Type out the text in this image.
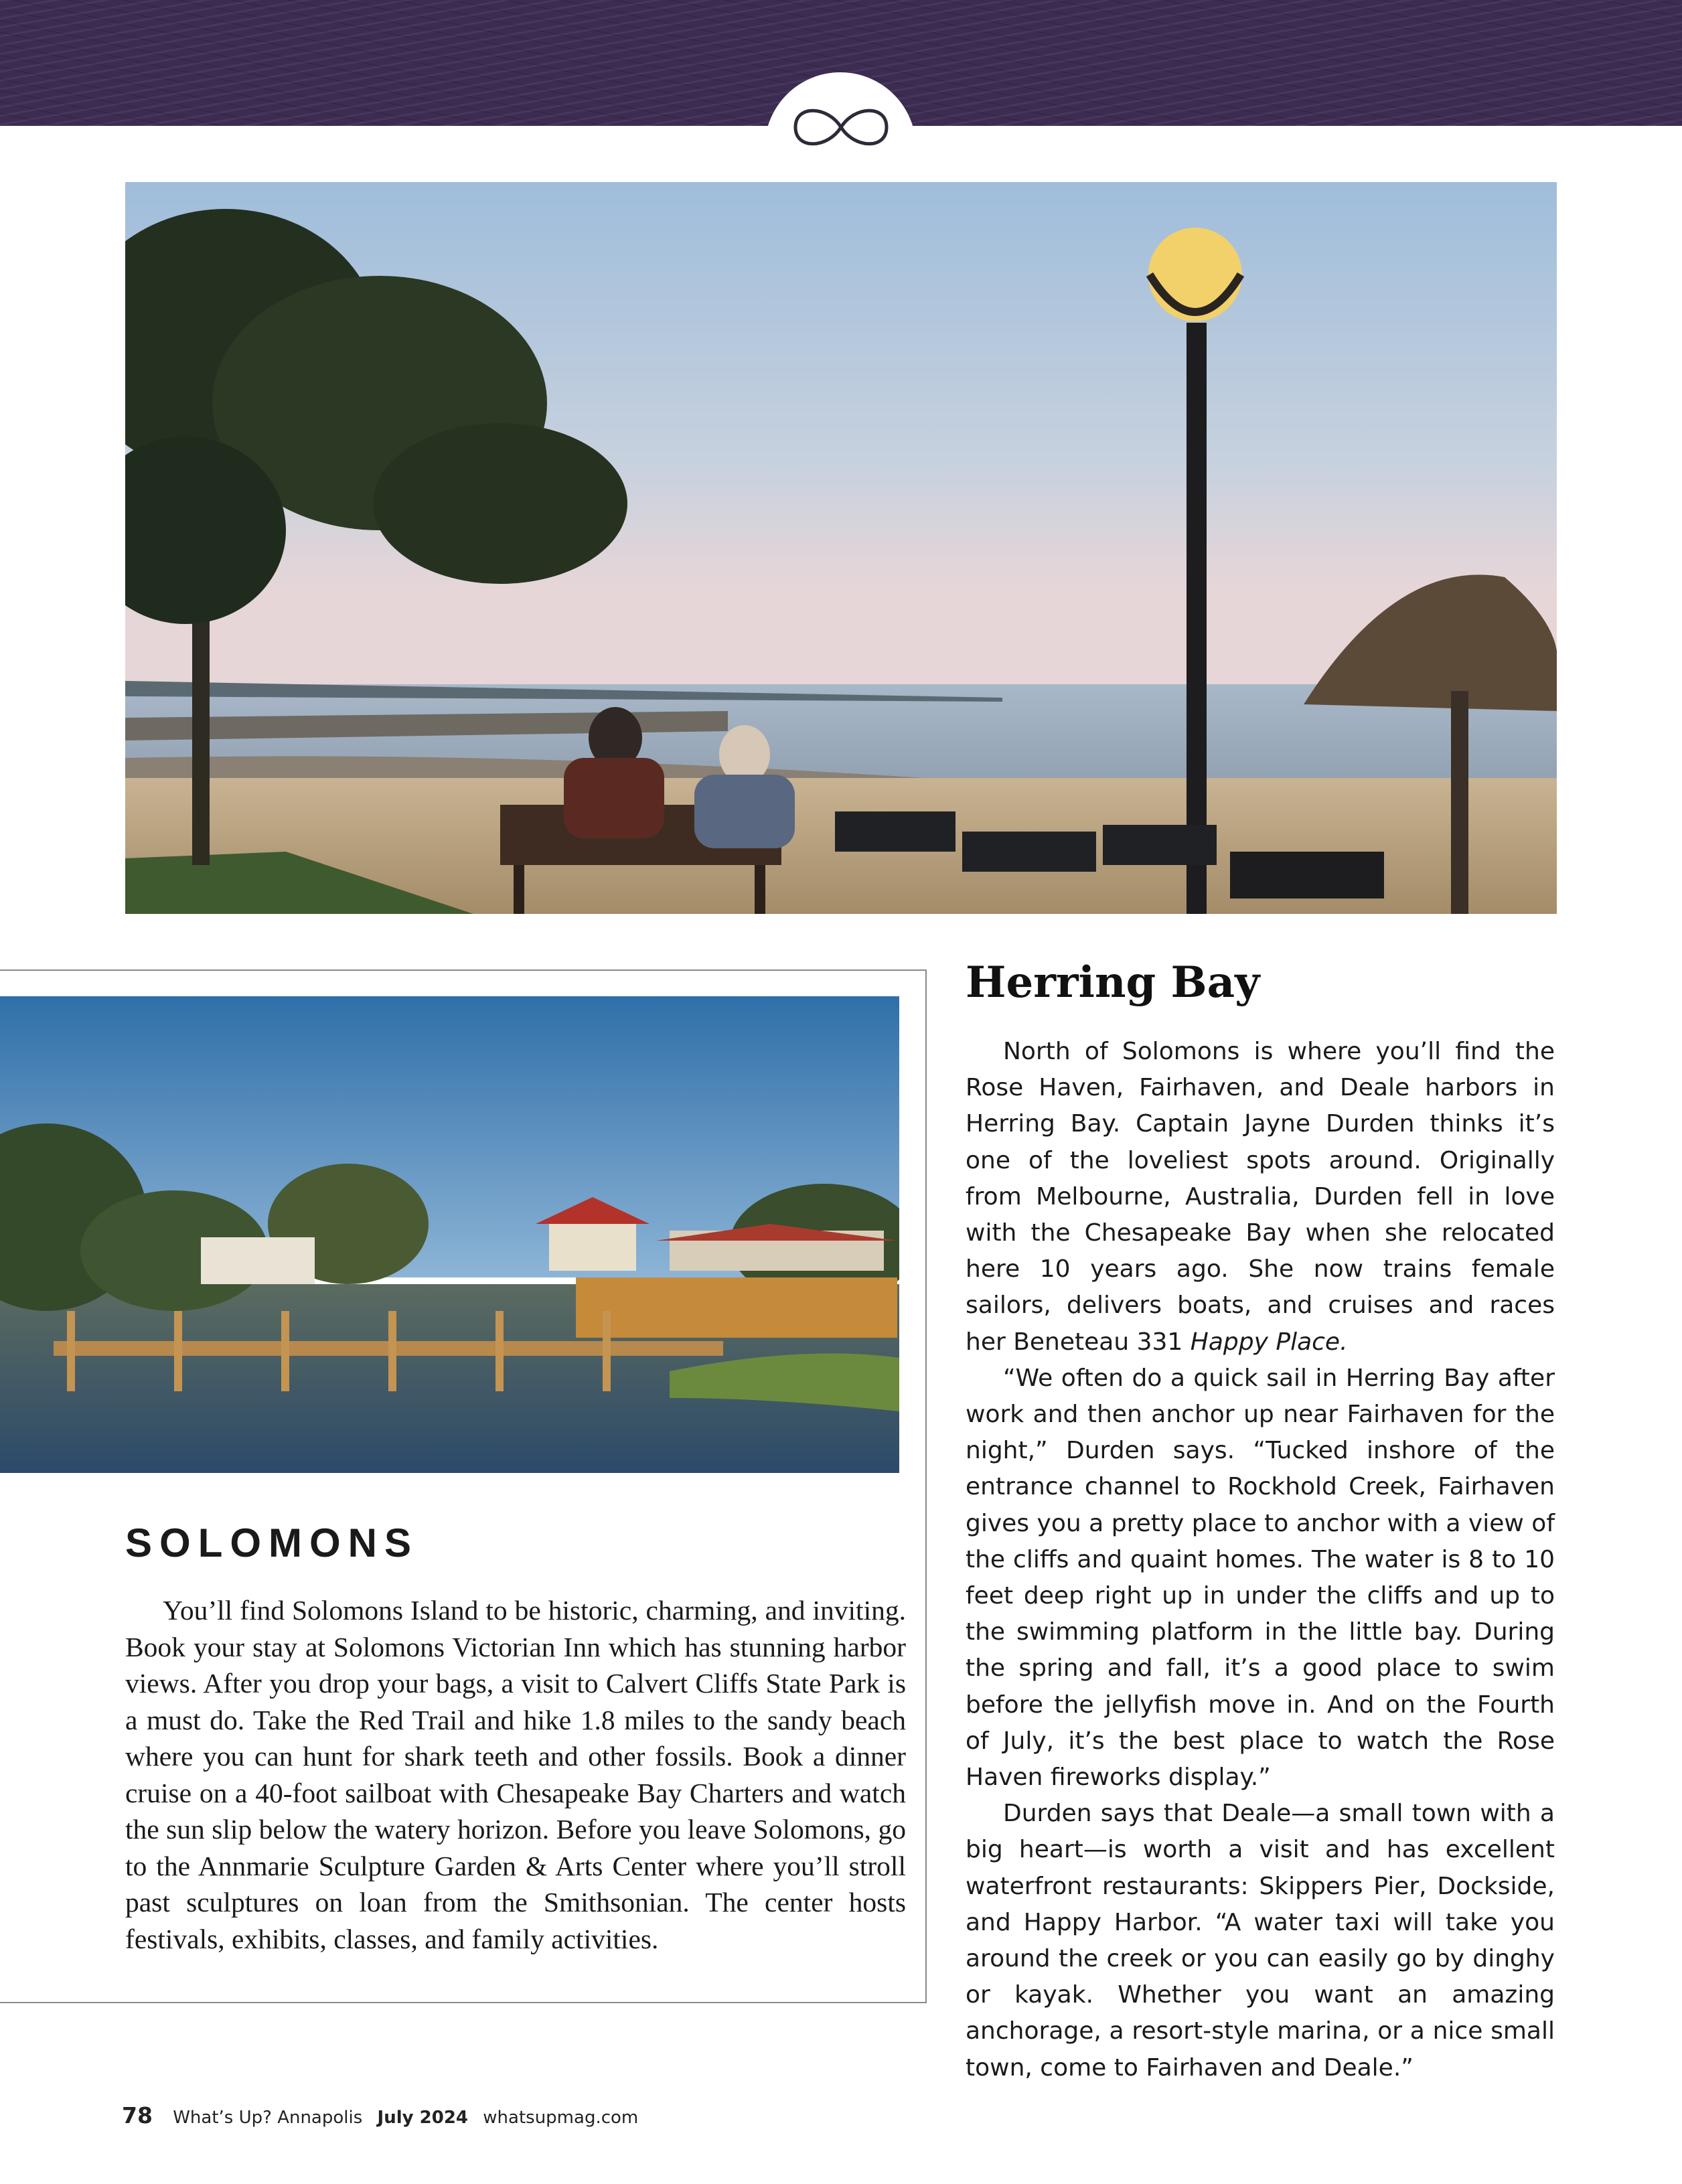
SOLOMONS

You’ll find Solomons Island to be historic, charming, and inviting. Book your stay at Solomons Victorian Inn which has stunning harbor views. After you drop your bags, a visit to Calvert Cliffs State Park is a must do. Take the Red Trail and hike 1.8 miles to the sandy beach where you can hunt for shark teeth and other fossils. Book a dinner cruise on a 40-foot sailboat with Chesapeake Bay Charters and watch the sun slip below the watery horizon. Before you leave Solomons, go to the Annmarie Sculpture Garden & Arts Center where you’ll stroll past sculptures on loan from the Smithsonian. The center hosts festivals, exhibits, classes, and family activities.

Herring Bay

North of Solomons is where you’ll find the Rose Haven, Fairhaven, and Deale harbors in Herring Bay. Captain Jayne Durden thinks it’s one of the loveliest spots around. Originally from Melbourne, Australia, Durden fell in love with the Chesapeake Bay when she relocated here 10 years ago. She now trains female sailors, delivers boats, and cruises and races her Beneteau 331 Happy Place.

“We often do a quick sail in Herring Bay after work and then anchor up near Fairhaven for the night,” Durden says. “Tucked inshore of the entrance channel to Rockhold Creek, Fairhaven gives you a pretty place to anchor with a view of the cliffs and quaint homes. The water is 8 to 10 feet deep right up in under the cliffs and up to the swimming platform in the little bay. During the spring and fall, it’s a good place to swim before the jellyfish move in. And on the Fourth of July, it’s the best place to watch the Rose Haven fireworks display.”

Durden says that Deale—a small town with a big heart—is worth a visit and has excellent waterfront restaurants: Skippers Pier, Dockside, and Happy Harbor. “A water taxi will take you around the creek or you can easily go by dinghy or kayak. Whether you want an amazing anchorage, a resort-style marina, or a nice small town, come to Fairhaven and Deale.”

78 What’s Up? Annapolis July 2024 whatsupmag.com
